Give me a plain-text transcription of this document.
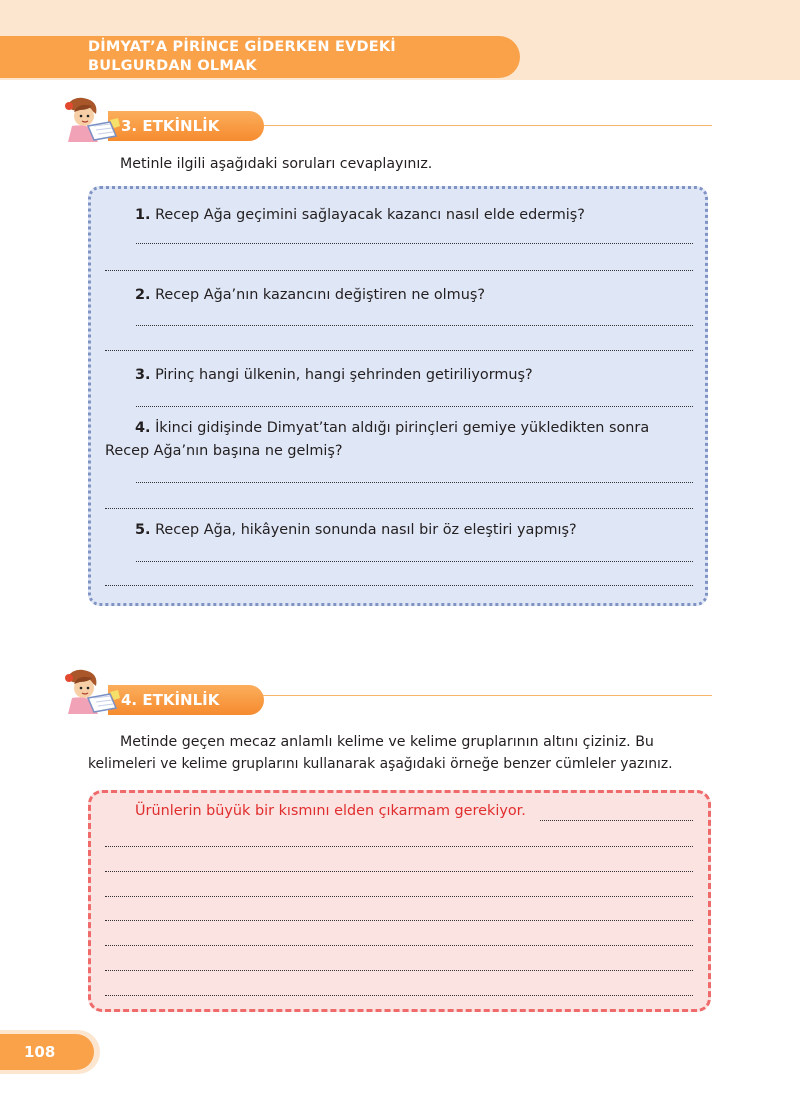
DİMYAT’A PİRİNCE GİDERKEN EVDEKİ
BULGURDAN OLMAK
3. ETKİNLİK
Metinle ilgili aşağıdaki soruları cevaplayınız.
1. Recep Ağa geçimini sağlayacak kazancı nasıl elde edermiş?
2. Recep Ağa’nın kazancını değiştiren ne olmuş?
3. Pirinç hangi ülkenin, hangi şehrinden getiriliyormuş?
4. İkinci gidişinde Dimyat’tan aldığı pirinçleri gemiye yükledikten sonra
Recep Ağa’nın başına ne gelmiş?
5. Recep Ağa, hikâyenin sonunda nasıl bir öz eleştiri yapmış?
4. ETKİNLİK
Metinde geçen mecaz anlamlı kelime ve kelime gruplarının altını çiziniz. Bu
kelimeleri ve kelime gruplarını kullanarak aşağıdaki örneğe benzer cümleler yazınız.
Ürünlerin büyük bir kısmını elden çıkarmam gerekiyor.
108
